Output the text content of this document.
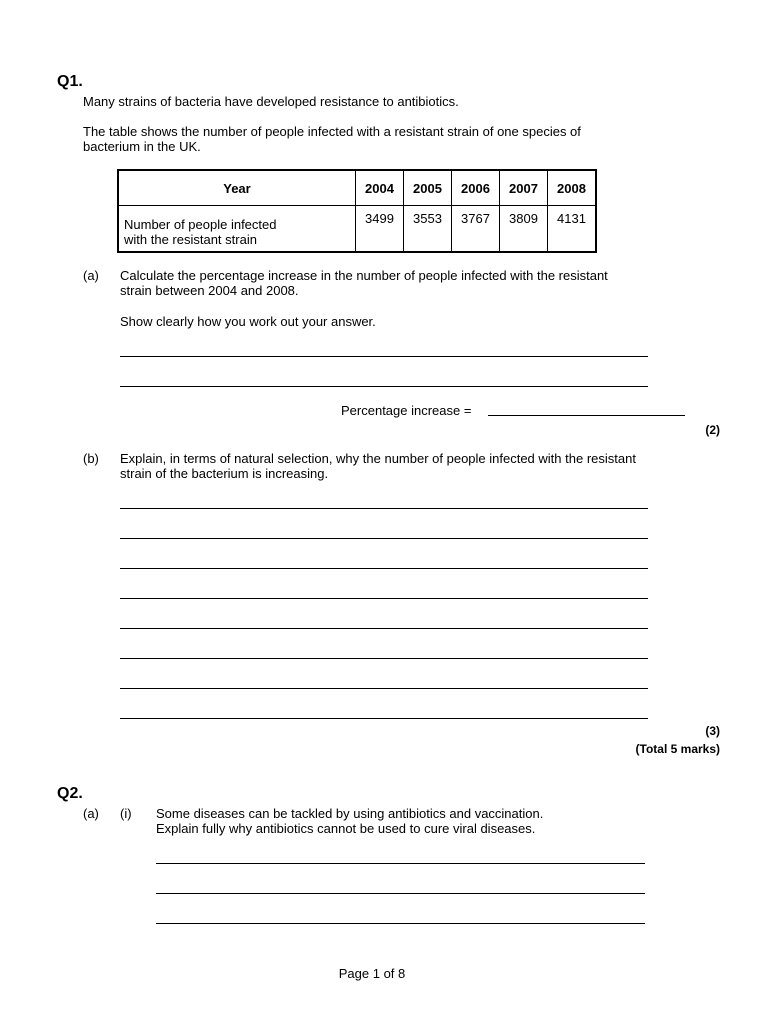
Q1.
Many strains of bacteria have developed resistance to antibiotics.
The table shows the number of people infected with a resistant strain of one species of
bacterium in the UK.
Year	2004	2005	2006	2007	2008

Number of people infected
with the resistant strain	3499	3553	3767	3809	4131
(a) Calculate the percentage increase in the number of people infected with the resistant
strain between 2004 and 2008.
Show clearly how you work out your answer.
Percentage increase =
(2)
(b) Explain, in terms of natural selection, why the number of people infected with the resistant
strain of the bacterium is increasing.
(3)
(Total 5 marks)
Q2.
(a) (i) Some diseases can be tackled by using antibiotics and vaccination.
Explain fully why antibiotics cannot be used to cure viral diseases.
Page 1 of 8
